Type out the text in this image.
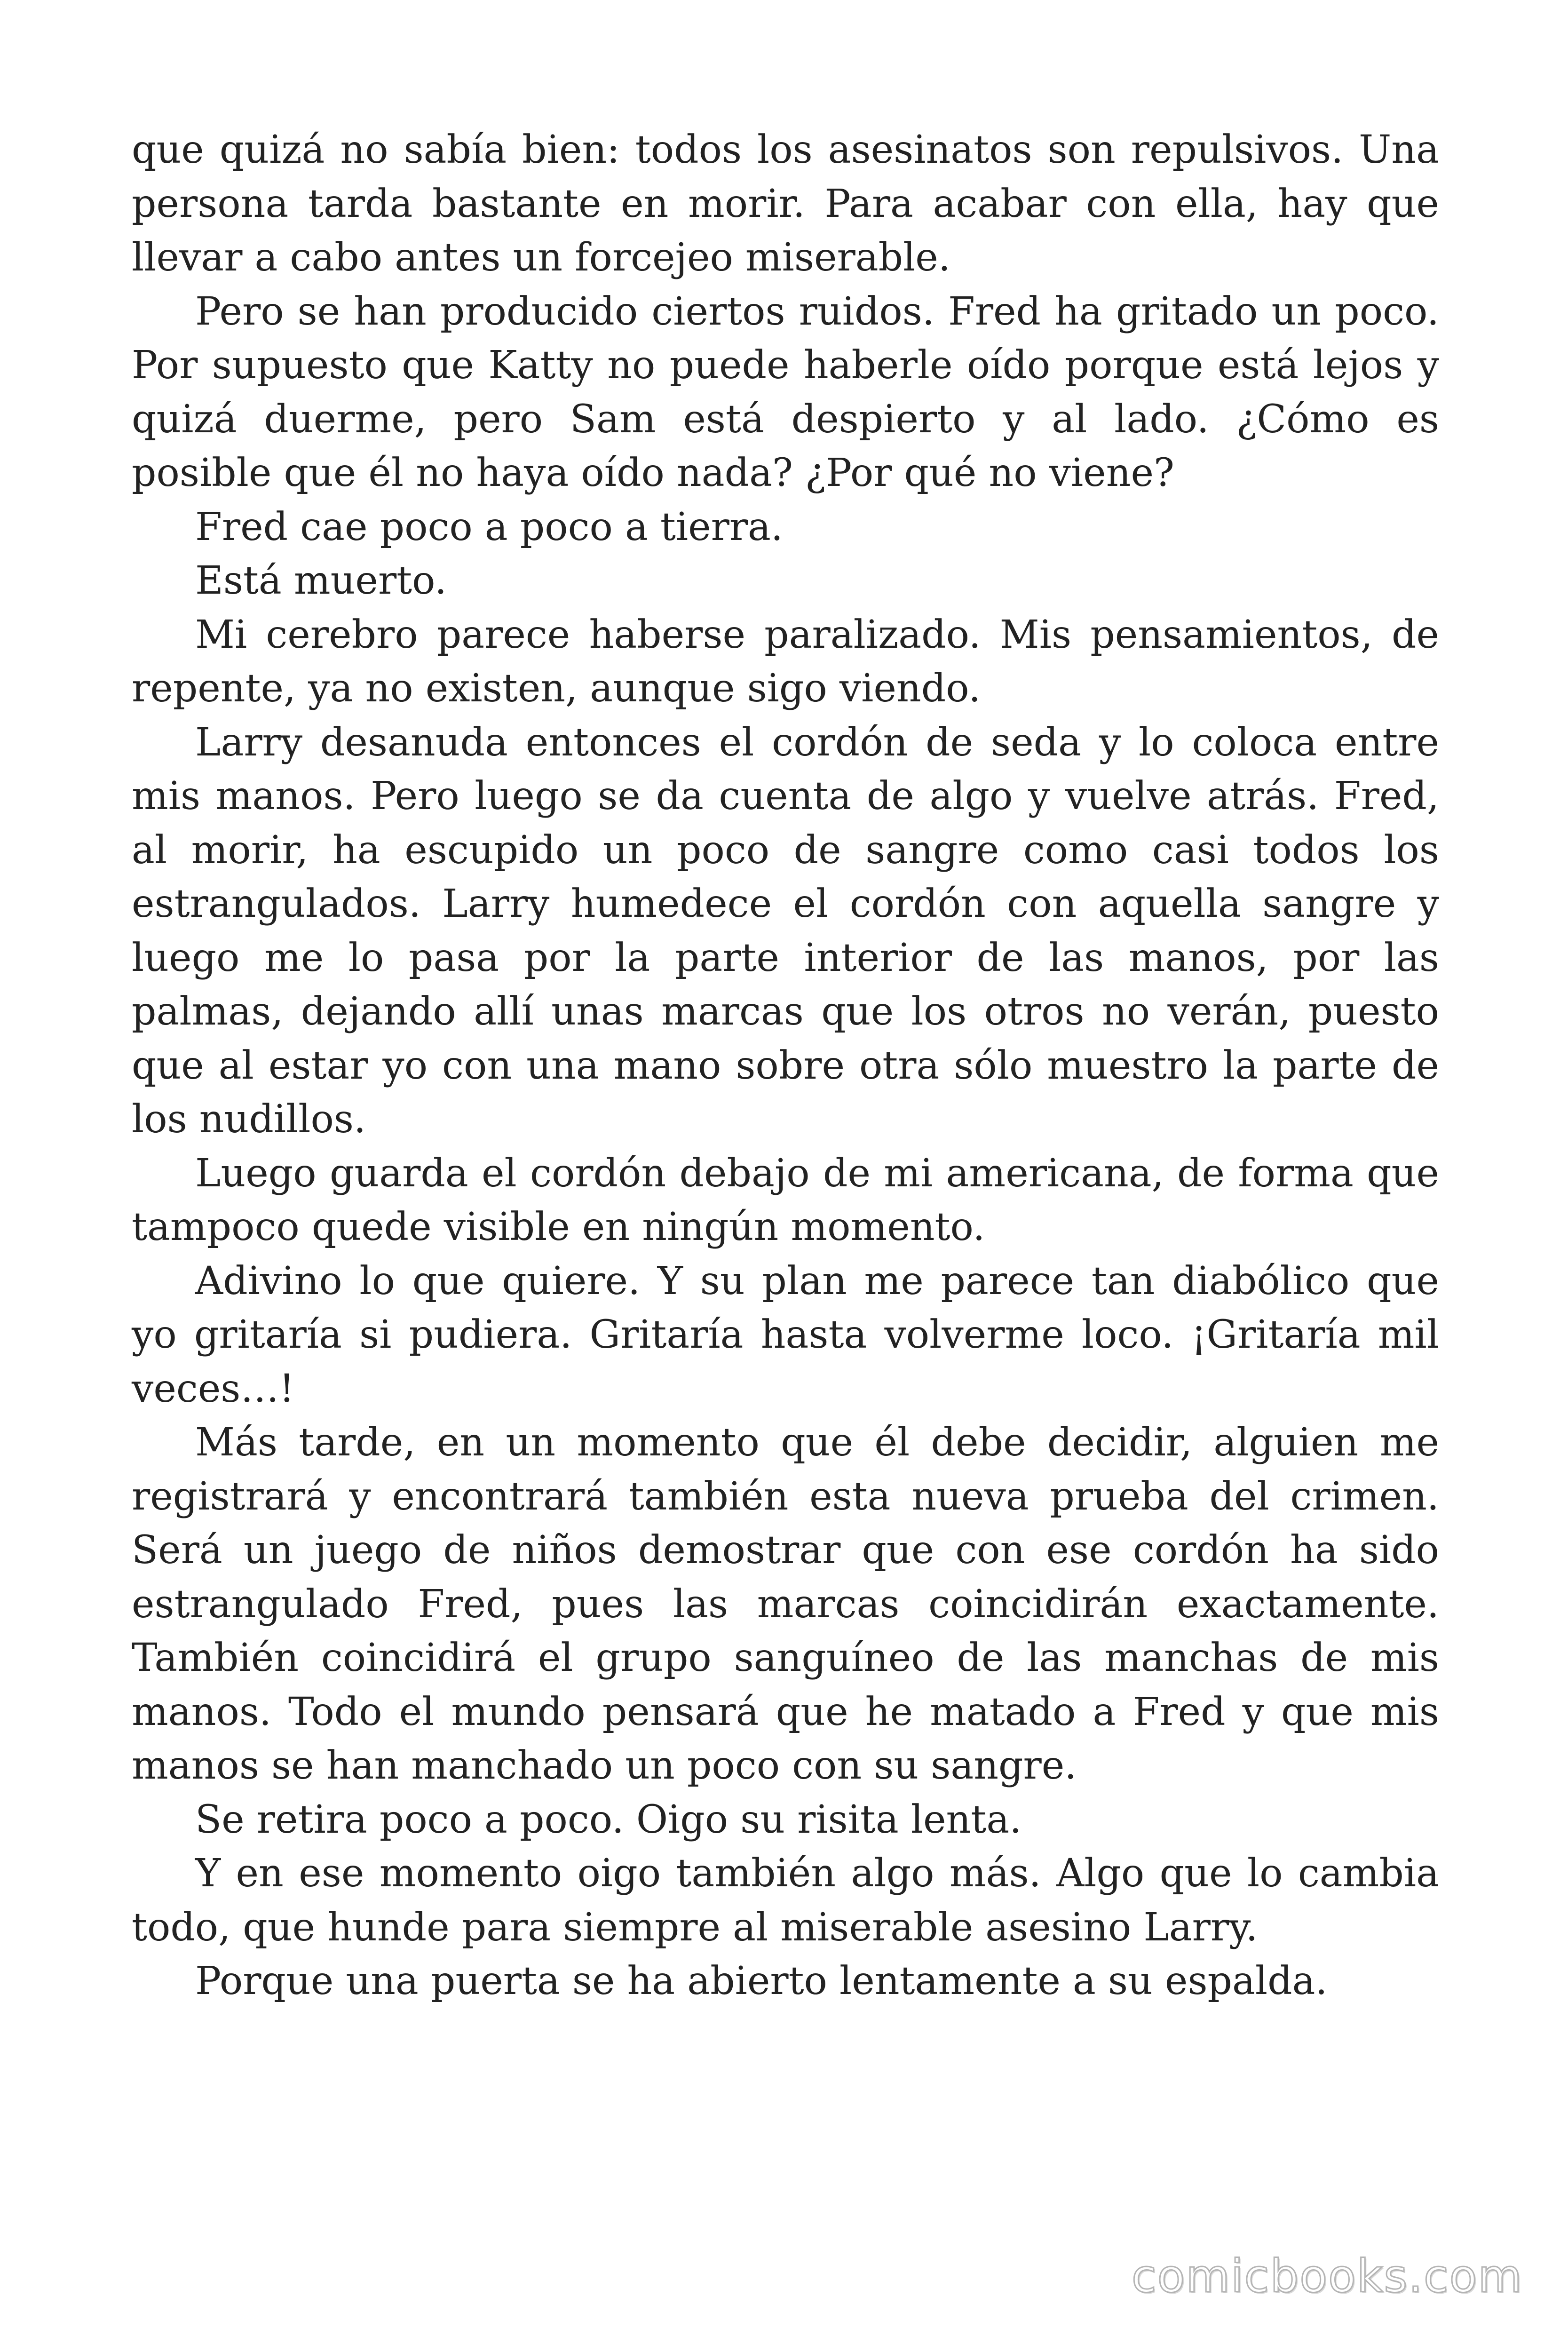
que quizá no sabía bien: todos los asesinatos son repulsivos. Una persona tarda bastante en morir. Para acabar con ella, hay que llevar a cabo antes un forcejeo miserable.

Pero se han producido ciertos ruidos. Fred ha gritado un poco. Por supuesto que Katty no puede haberle oído porque está lejos y quizá duerme, pero Sam está despierto y al lado. ¿Cómo es posible que él no haya oído nada? ¿Por qué no viene?

Fred cae poco a poco a tierra.

Está muerto.

Mi cerebro parece haberse paralizado. Mis pensamientos, de repente, ya no existen, aunque sigo viendo.

Larry desanuda entonces el cordón de seda y lo coloca entre mis manos. Pero luego se da cuenta de algo y vuelve atrás. Fred, al morir, ha escupido un poco de sangre como casi todos los estrangulados. Larry humedece el cordón con aquella sangre y luego me lo pasa por la parte interior de las manos, por las palmas, dejando allí unas marcas que los otros no verán, puesto que al estar yo con una mano sobre otra sólo muestro la parte de los nudillos.

Luego guarda el cordón debajo de mi americana, de forma que tampoco quede visible en ningún momento.

Adivino lo que quiere. Y su plan me parece tan diabólico que yo gritaría si pudiera. Gritaría hasta volverme loco. ¡Gritaría mil veces…!

Más tarde, en un momento que él debe decidir, alguien me registrará y encontrará también esta nueva prueba del crimen. Será un juego de niños demostrar que con ese cordón ha sido estrangulado Fred, pues las marcas coincidirán exactamente. También coincidirá el grupo sanguíneo de las manchas de mis manos. Todo el mundo pensará que he matado a Fred y que mis manos se han manchado un poco con su sangre.

Se retira poco a poco. Oigo su risita lenta.

Y en ese momento oigo también algo más. Algo que lo cambia todo, que hunde para siempre al miserable asesino Larry.

Porque una puerta se ha abierto lentamente a su espalda.

comicbooks.com
